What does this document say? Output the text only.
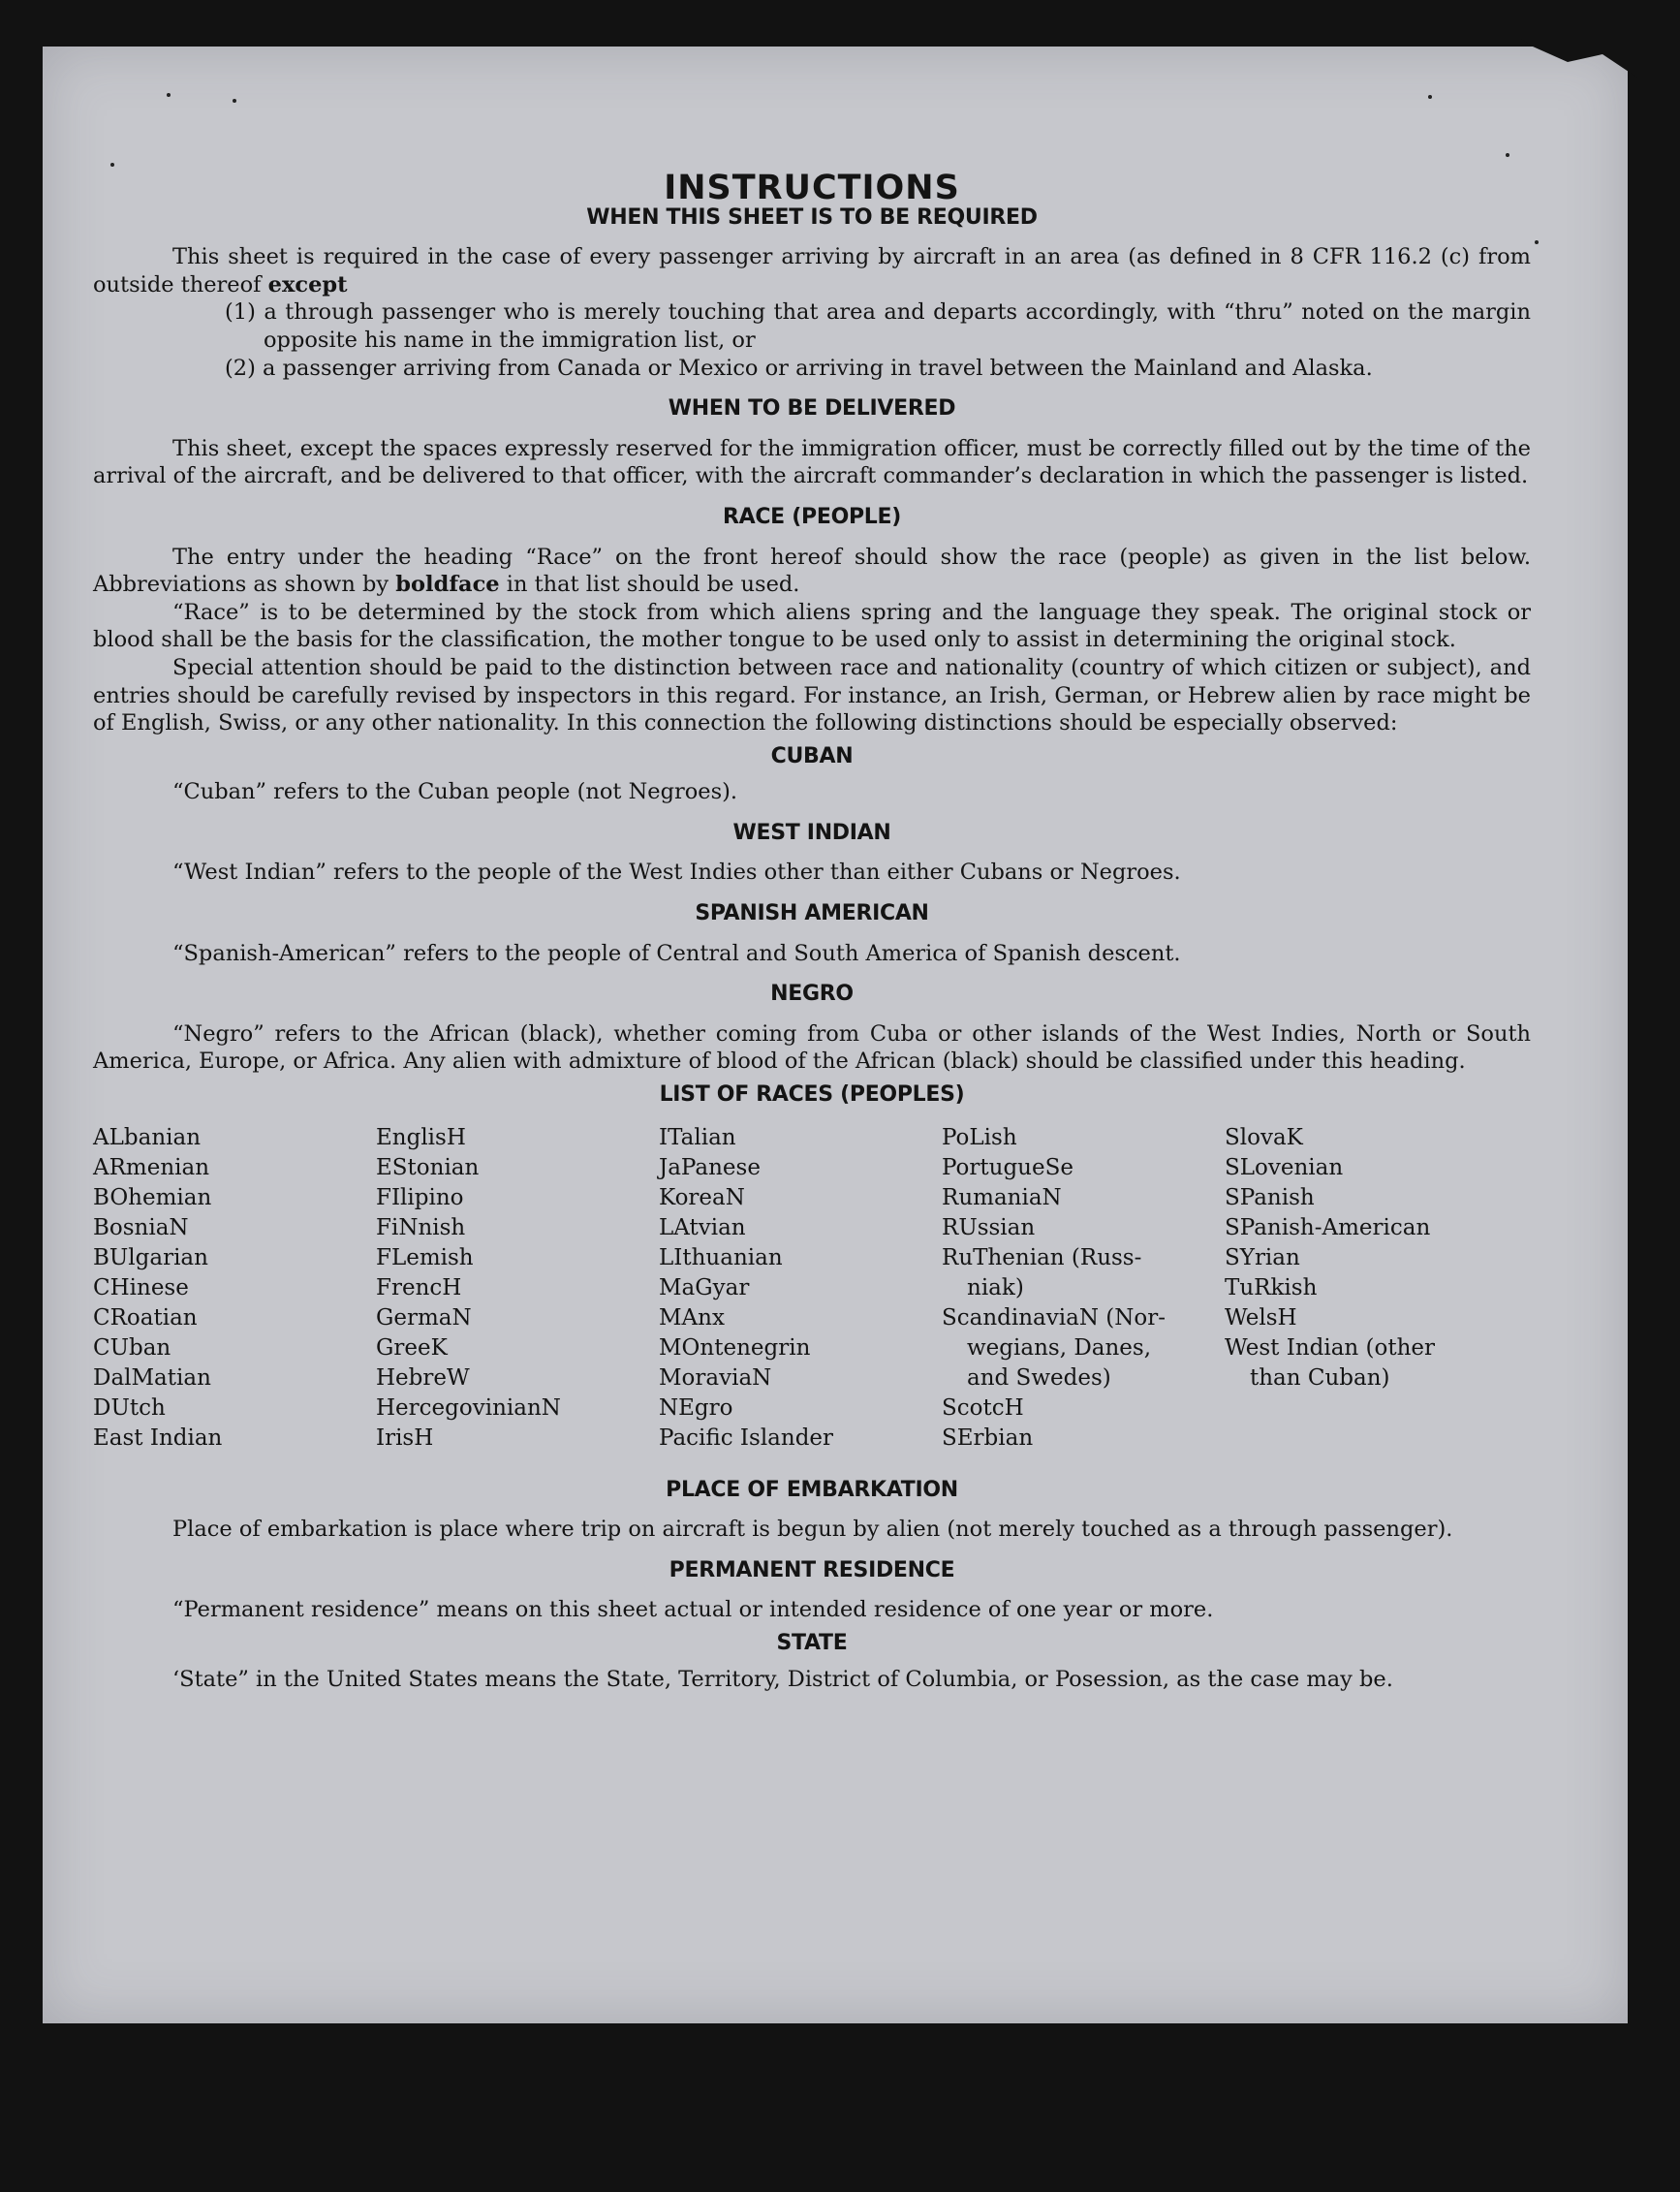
INSTRUCTIONS
WHEN THIS SHEET IS TO BE REQUIRED

This sheet is required in the case of every passenger arriving by aircraft in an area (as defined in 8 CFR 116.2 (c) from outside thereof except

(1) a through passenger who is merely touching that area and departs accordingly, with “thru” noted on the margin opposite his name in the immigration list, or

(2) a passenger arriving from Canada or Mexico or arriving in travel between the Mainland and Alaska.

WHEN TO BE DELIVERED

This sheet, except the spaces expressly reserved for the immigration officer, must be correctly filled out by the time of the arrival of the aircraft, and be delivered to that officer, with the aircraft commander’s declaration in which the passenger is listed.

RACE (PEOPLE)

The entry under the heading “Race” on the front hereof should show the race (people) as given in the list below. Abbreviations as shown by boldface in that list should be used.

“Race” is to be determined by the stock from which aliens spring and the language they speak. The original stock or blood shall be the basis for the classification, the mother tongue to be used only to assist in determining the original stock.

Special attention should be paid to the distinction between race and nationality (country of which citizen or subject), and entries should be carefully revised by inspectors in this regard. For instance, an Irish, German, or Hebrew alien by race might be of English, Swiss, or any other nationality. In this connection the following distinctions should be especially observed:

CUBAN

“Cuban” refers to the Cuban people (not Negroes).

WEST INDIAN

“West Indian” refers to the people of the West Indies other than either Cubans or Negroes.

SPANISH AMERICAN

“Spanish-American” refers to the people of Central and South America of Spanish descent.

NEGRO

“Negro” refers to the African (black), whether coming from Cuba or other islands of the West Indies, North or South America, Europe, or Africa. Any alien with admixture of blood of the African (black) should be classified under this heading.

LIST OF RACES (PEOPLES)
ALbanian
ARmenian
BOhemian
BosniaN
BUlgarian
CHinese
CRoatian
CUban
DalMatian
DUtch
East Indian
EnglisH
EStonian
FIlipino
FiNnish
FLemish
FrencH
GermaN
GreeK
HebreW
HercegovinianN
IrisH
ITalian
JaPanese
KoreaN
LAtvian
LIthuanian
MaGyar
MAnx
MOntenegrin
MoraviaN
NEgro
Pacific Islander
PoLish
PortugueSe
RumaniaN
RUssian
RuThenian (Russ-
niak)
ScandinaviaN (Nor-
wegians, Danes,
and Swedes)
ScotcH
SErbian
SlovaK
SLovenian
SPanish
SPanish-American
SYrian
TuRkish
WelsH
West Indian (other
than Cuban)
PLACE OF EMBARKATION

Place of embarkation is place where trip on aircraft is begun by alien (not merely touched as a through passenger).

PERMANENT RESIDENCE

“Permanent residence” means on this sheet actual or intended residence of one year or more.

STATE

‘State” in the United States means the State, Territory, District of Columbia, or Posession, as the case may be.
